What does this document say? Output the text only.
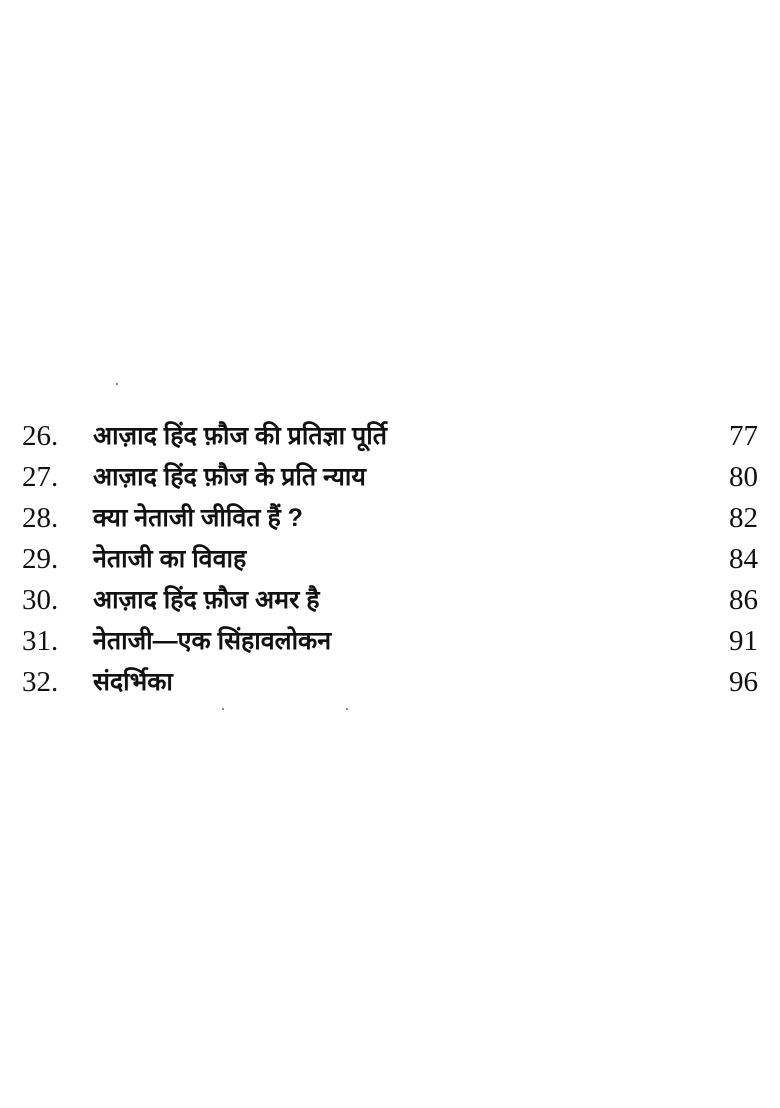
26. आज़ाद हिंद फ़ौज की प्रतिज्ञा पूर्ति	77
27. आज़ाद हिंद फ़ौज के प्रति न्याय	80
28. क्या नेताजी जीवित हैं ?	82
29. नेताजी का विवाह	84
30. आज़ाद हिंद फ़ौज अमर है	86
31. नेताजी—एक सिंहावलोकन	91
32. संदर्भिका	96
